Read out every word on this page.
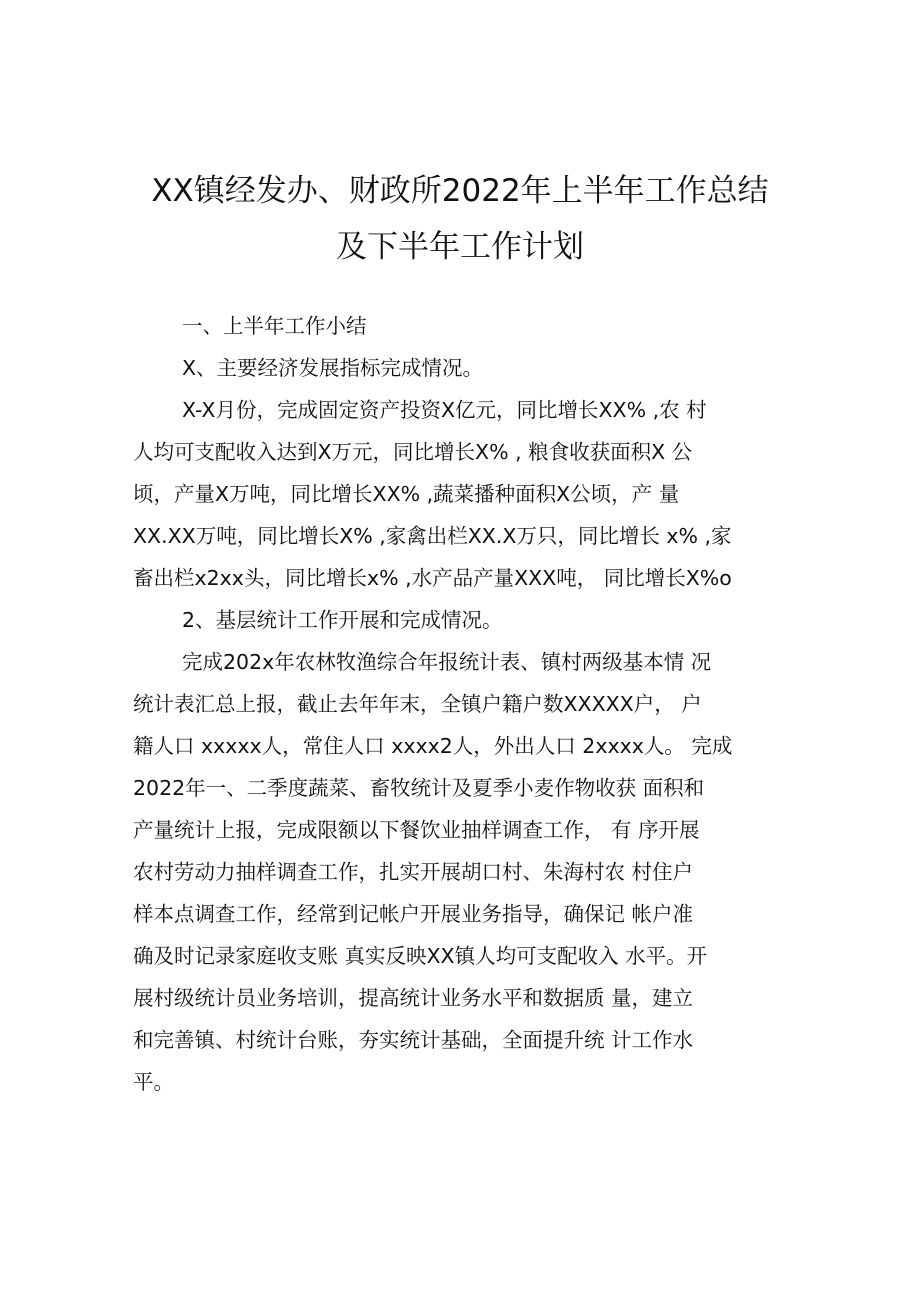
XX镇经发办、财政所2022年上半年工作总结
及下半年工作计划
一、上半年工作小结
X、主要经济发展指标完成情况。
X-X月份，完成固定资产投资X亿元，同比增长XX% ,农 村
人均可支配收入达到X万元，同比增长X% , 粮食收获面积X 公
顷，产量X万吨，同比增长XX% ,蔬菜播种面积X公顷，产 量
XX.XX万吨，同比增长X% ,家禽出栏XX.X万只，同比增长 x% ,家
畜出栏x2xx头，同比增长x% ,水产品产量XXX吨， 同比增长X%o
2、基层统计工作开展和完成情况。
完成202x年农林牧渔综合年报统计表、镇村两级基本情 况
统计表汇总上报，截止去年年末，全镇户籍户数XXXXX户， 户
籍人口 xxxxx人，常住人口 xxxx2人，外出人口 2xxxx人。 完成
2022年一、二季度蔬菜、畜牧统计及夏季小麦作物收获 面积和
产量统计上报，完成限额以下餐饮业抽样调查工作， 有 序开展
农村劳动力抽样调查工作，扎实开展胡口村、朱海村农 村住户
样本点调查工作，经常到记帐户开展业务指导，确保记 帐户准
确及时记录家庭收支账 真实反映XX镇人均可支配收入 水平。开
展村级统计员业务培训，提高统计业务水平和数据质 量，建立
和完善镇、村统计台账，夯实统计基础，全面提升统 计工作水
平。
